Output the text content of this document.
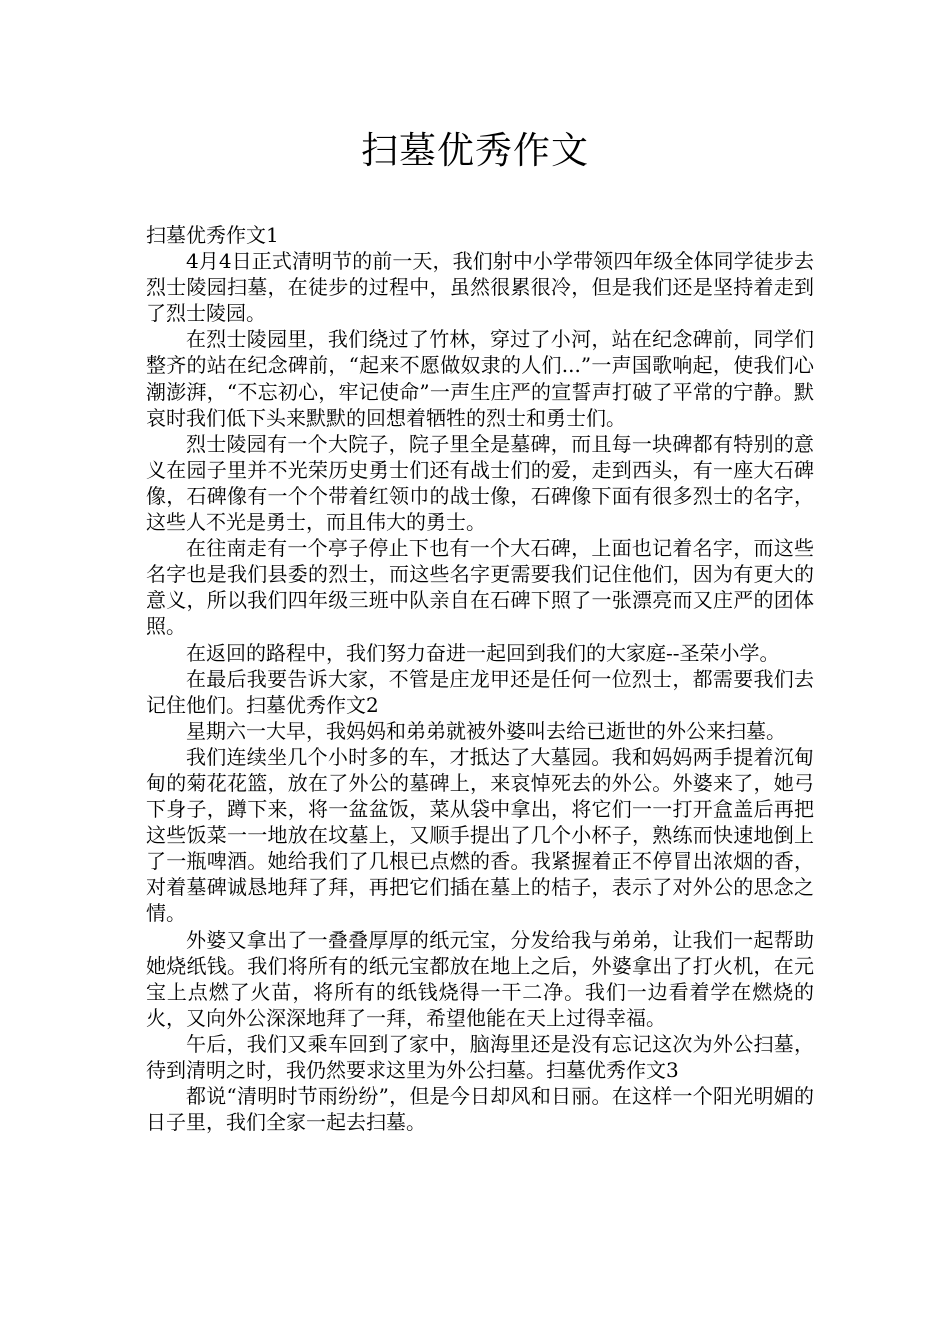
扫墓优秀作文

扫墓优秀作文1

4月4日正式清明节的前一天，我们射中小学带领四年级全体同学徒步去烈士陵园扫墓，在徒步的过程中，虽然很累很冷，但是我们还是坚持着走到了烈士陵园。

在烈士陵园里，我们绕过了竹林，穿过了小河，站在纪念碑前，同学们整齐的站在纪念碑前，“起来不愿做奴隶的人们...”一声国歌响起，使我们心潮澎湃，“不忘初心，牢记使命”一声生庄严的宣誓声打破了平常的宁静。默哀时我们低下头来默默的回想着牺牲的烈士和勇士们。

烈士陵园有一个大院子，院子里全是墓碑，而且每一块碑都有特别的意义在园子里并不光荣历史勇士们还有战士们的爱，走到西头，有一座大石碑像，石碑像有一个个带着红领巾的战士像，石碑像下面有很多烈士的名字，这些人不光是勇士，而且伟大的勇士。

在往南走有一个亭子停止下也有一个大石碑，上面也记着名字，而这些名字也是我们县委的烈士，而这些名字更需要我们记住他们，因为有更大的意义，所以我们四年级三班中队亲自在石碑下照了一张漂亮而又庄严的团体照。

在返回的路程中，我们努力奋进一起回到我们的大家庭--圣荣小学。

在最后我要告诉大家，不管是庄龙甲还是任何一位烈士，都需要我们去记住他们。扫墓优秀作文2

星期六一大早，我妈妈和弟弟就被外婆叫去给已逝世的外公来扫墓。

我们连续坐几个小时多的车，才抵达了大墓园。我和妈妈两手提着沉甸甸的菊花花篮，放在了外公的墓碑上，来哀悼死去的外公。外婆来了，她弓下身子，蹲下来，将一盆盆饭，菜从袋中拿出，将它们一一打开盒盖后再把这些饭菜一一地放在坟墓上，又顺手提出了几个小杯子，熟练而快速地倒上了一瓶啤酒。她给我们了几根已点燃的香。我紧握着正不停冒出浓烟的香，对着墓碑诚恳地拜了拜，再把它们插在墓上的桔子，表示了对外公的思念之情。

外婆又拿出了一叠叠厚厚的纸元宝，分发给我与弟弟，让我们一起帮助她烧纸钱。我们将所有的纸元宝都放在地上之后，外婆拿出了打火机，在元宝上点燃了火苗，将所有的纸钱烧得一干二净。我们一边看着学在燃烧的火，又向外公深深地拜了一拜，希望他能在天上过得幸福。

午后，我们又乘车回到了家中，脑海里还是没有忘记这次为外公扫墓，待到清明之时，我仍然要求这里为外公扫墓。扫墓优秀作文3

都说“清明时节雨纷纷”，但是今日却风和日丽。在这样一个阳光明媚的日子里，我们全家一起去扫墓。
